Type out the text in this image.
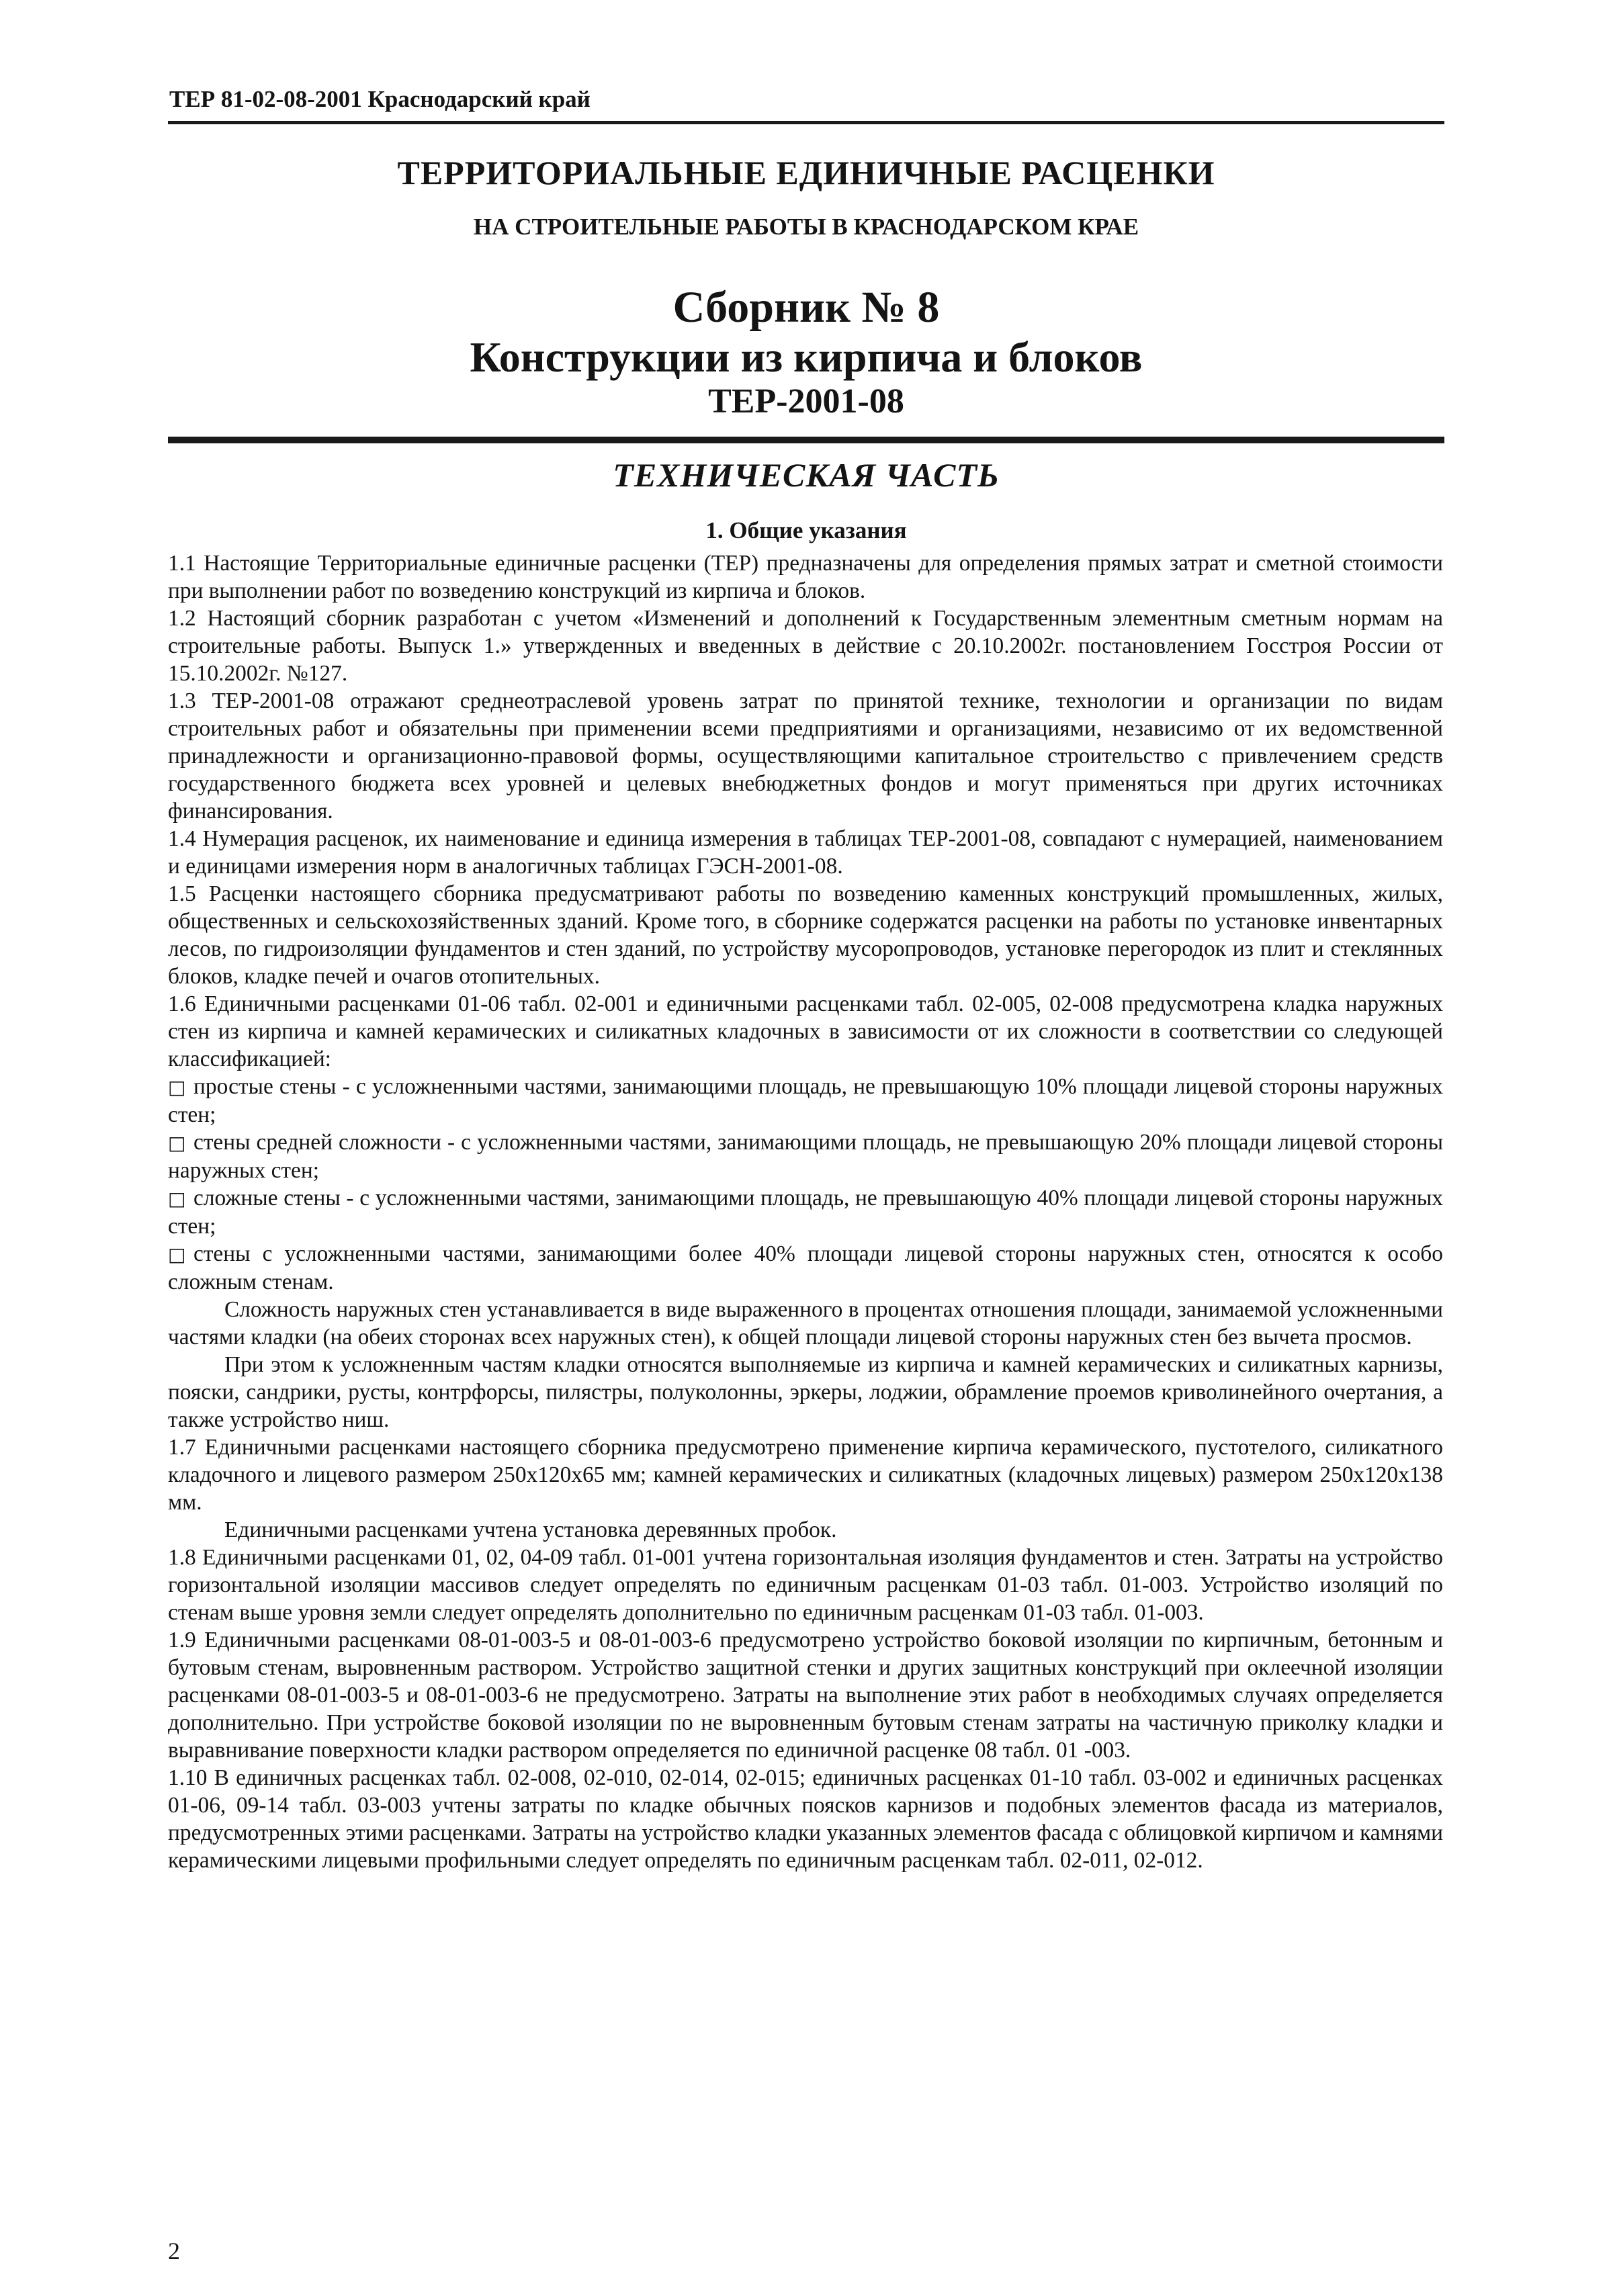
ТЕР 81-02-08-2001 Краснодарский край
ТЕРРИТОРИАЛЬНЫЕ ЕДИНИЧНЫЕ РАСЦЕНКИ
НА СТРОИТЕЛЬНЫЕ РАБОТЫ В КРАСНОДАРСКОМ КРАЕ
Сборник № 8
Конструкции из кирпича и блоков
ТЕР-2001-08
ТЕХНИЧЕСКАЯ ЧАСТЬ
1. Общие указания

1.1 Настоящие Территориальные единичные расценки (ТЕР) предназначены для определения прямых затрат и сметной стоимости при выполнении работ по возведению конструкций из кирпича и блоков.

1.2 Настоящий сборник разработан с учетом «Изменений и дополнений к Государственным элементным сметным нормам на строительные работы. Выпуск 1.» утвержденных и введенных в действие с 20.10.2002г. постановлением Госстроя России от 15.10.2002г. №127.

1.3 ТЕР-2001-08 отражают среднеотраслевой уровень затрат по принятой технике, технологии и организации по видам строительных работ и обязательны при применении всеми предприятиями и организациями, независимо от их ведомственной принадлежности и организационно-правовой формы, осуществляющими капитальное строительство с привлечением средств государственного бюджета всех уровней и целевых внебюджетных фондов и могут применяться при других источниках финансирования.

1.4 Нумерация расценок, их наименование и единица измерения в таблицах ТЕР-2001-08, совпадают с нумерацией, наименованием и единицами измерения норм в аналогичных таблицах ГЭСН-2001-08.

1.5 Расценки настоящего сборника предусматривают работы по возведению каменных конструкций промышленных, жилых, общественных и сельскохозяйственных зданий. Кроме того, в сборнике содержатся расценки на работы по установке инвентарных лесов, по гидроизоляции фундаментов и стен зданий, по устройству мусоропроводов, установке перегородок из плит и стеклянных блоков, кладке печей и очагов отопительных.

1.6 Единичными расценками 01-06 табл. 02-001 и единичными расценками табл. 02-005, 02-008 предусмотрена кладка наружных стен из кирпича и камней керамических и силикатных кладочных в зависимости от их сложности в соответствии со следующей классификацией:

□ простые стены - с усложненными частями, занимающими площадь, не превышающую 10% площади лицевой стороны наружных стен;

□ стены средней сложности - с усложненными частями, занимающими площадь, не превышающую 20% площади лицевой стороны наружных стен;

□ сложные стены - с усложненными частями, занимающими площадь, не превышающую 40% площади лицевой стороны наружных стен;

□ стены с усложненными частями, занимающими более 40% площади лицевой стороны наружных стен, относятся к особо сложным стенам.

Сложность наружных стен устанавливается в виде выраженного в процентах отношения площади, занимаемой усложненными частями кладки (на обеих сторонах всех наружных стен), к общей площади лицевой стороны наружных стен без вычета просмов.

При этом к усложненным частям кладки относятся выполняемые из кирпича и камней керамических и силикатных карнизы, пояски, сандрики, русты, контрфорсы, пилястры, полуколонны, эркеры, лоджии, обрамление проемов криволинейного очертания, а также устройство ниш.

1.7 Единичными расценками настоящего сборника предусмотрено применение кирпича керамического, пустотелого, силикатного кладочного и лицевого размером 250х120х65 мм; камней керамических и силикатных (кладочных лицевых) размером 250х120х138 мм.

Единичными расценками учтена установка деревянных пробок.

1.8 Единичными расценками 01, 02, 04-09 табл. 01-001 учтена горизонтальная изоляция фундаментов и стен. Затраты на устройство горизонтальной изоляции массивов следует определять по единичным расценкам 01-03 табл. 01-003. Устройство изоляций по стенам выше уровня земли следует определять дополнительно по единичным расценкам 01-03 табл. 01-003.

1.9 Единичными расценками 08-01-003-5 и 08-01-003-6 предусмотрено устройство боковой изоляции по кирпичным, бетонным и бутовым стенам, выровненным раствором. Устройство защитной стенки и других защитных конструкций при оклеечной изоляции расценками 08-01-003-5 и 08-01-003-6 не предусмотрено. Затраты на выполнение этих работ в необходимых случаях определяется дополнительно. При устройстве боковой изоляции по не выровненным бутовым стенам затраты на частичную приколку кладки и выравнивание поверхности кладки раствором определяется по единичной расценке 08 табл. 01 -003.

1.10 В единичных расценках табл. 02-008, 02-010, 02-014, 02-015; единичных расценках 01-10 табл. 03-002 и единичных расценках 01-06, 09-14 табл. 03-003 учтены затраты по кладке обычных поясков карнизов и подобных элементов фасада из материалов, предусмотренных этими расценками. Затраты на устройство кладки указанных элементов фасада с облицовкой кирпичом и камнями керамическими лицевыми профильными следует определять по единичным расценкам табл. 02-011, 02-012.

2
